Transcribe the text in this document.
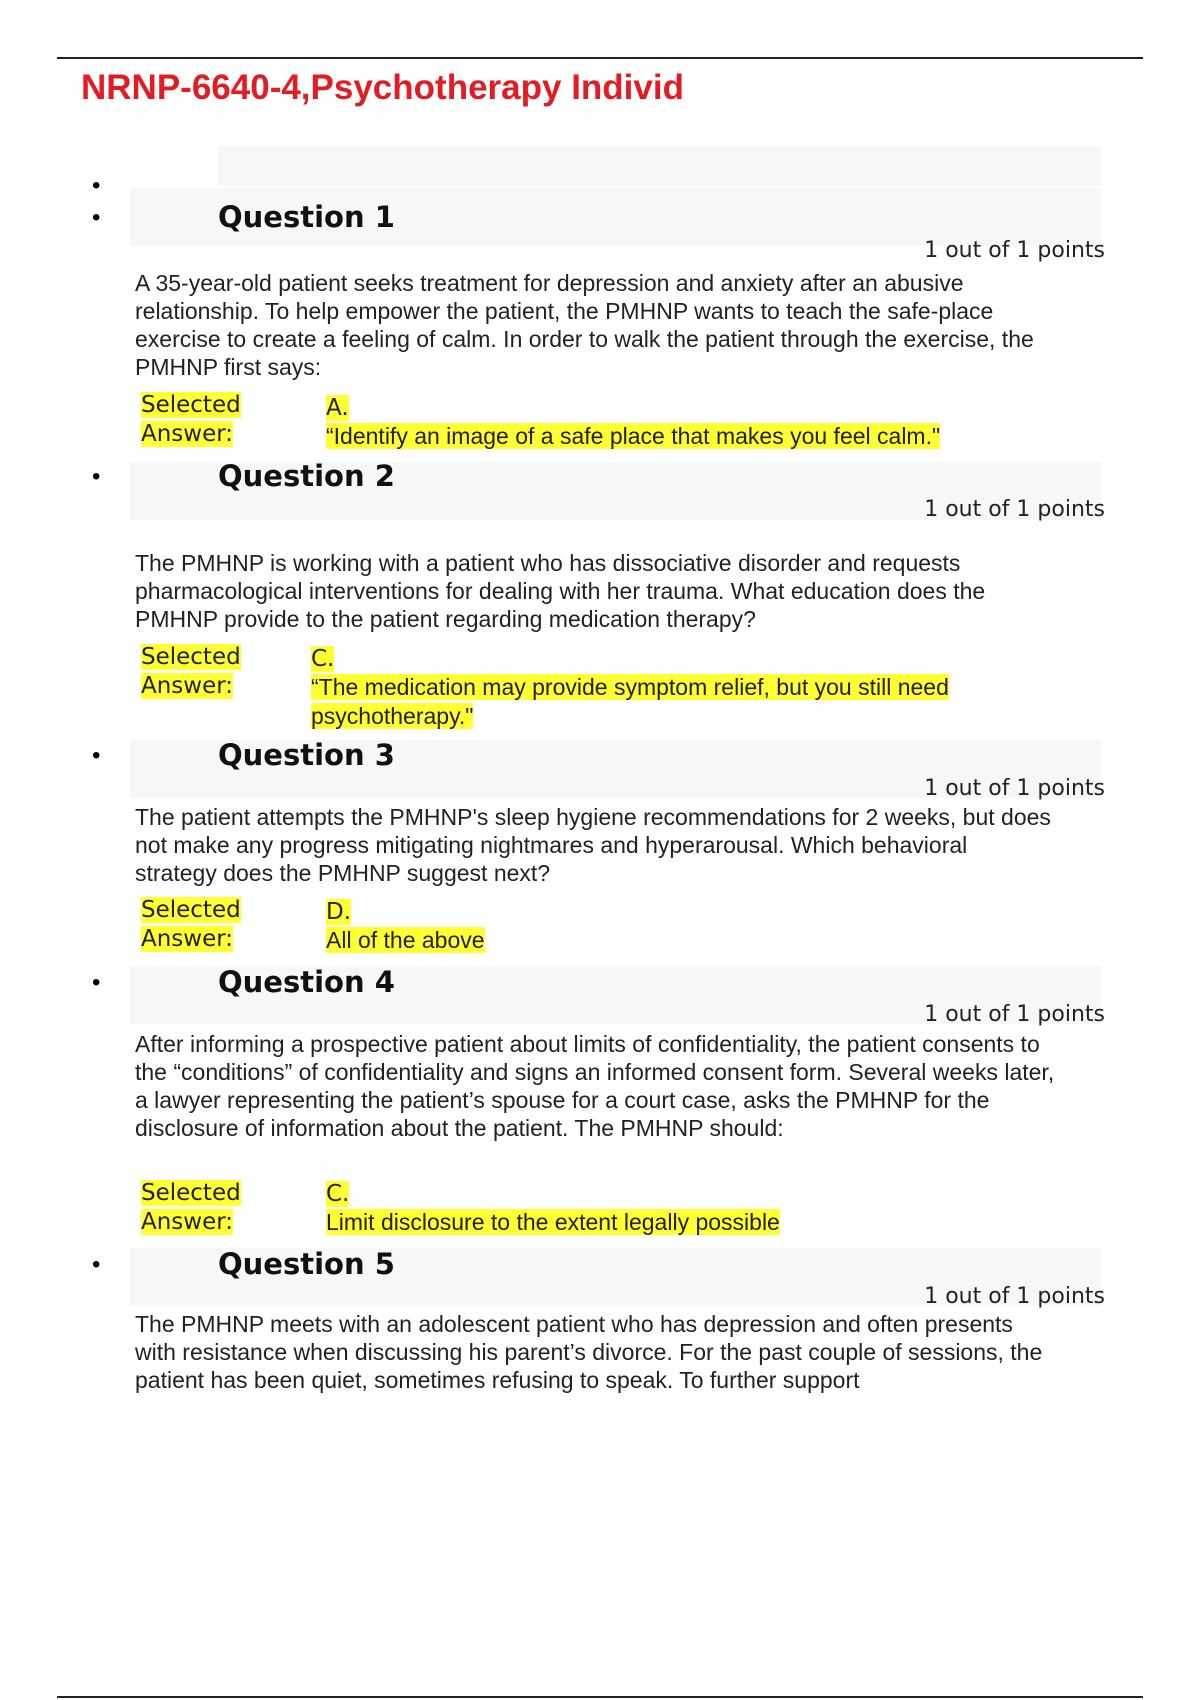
NRNP-6640-4,Psychotherapy Individ
•
•	Question 1
1 out of 1 points

A 35-year-old patient seeks treatment for depression and anxiety after an abusive relationship. To help empower the patient, the PMHNP wants to teach the safe-place exercise to create a feeling of calm. In order to walk the patient through the exercise, the PMHNP first says:

Selected
Answer:
A.
“Identify an image of a safe place that makes you feel calm."
•	Question 2
1 out of 1 points

The PMHNP is working with a patient who has dissociative disorder and requests pharmacological interventions for dealing with her trauma. What education does the PMHNP provide to the patient regarding medication therapy?

Selected
Answer:
C.
“The medication may provide symptom relief, but you still need
psychotherapy."
•	Question 3
1 out of 1 points

The patient attempts the PMHNP's sleep hygiene recommendations for 2 weeks, but does not make any progress mitigating nightmares and hyperarousal. Which behavioral strategy does the PMHNP suggest next?

Selected
Answer:
D.
All of the above
•	Question 4
1 out of 1 points

After informing a prospective patient about limits of confidentiality, the patient consents to the “conditions” of confidentiality and signs an informed consent form. Several weeks later, a lawyer representing the patient’s spouse for a court case, asks the PMHNP for the disclosure of information about the patient. The PMHNP should:

Selected
Answer:
C.
Limit disclosure to the extent legally possible
•	Question 5
1 out of 1 points

The PMHNP meets with an adolescent patient who has depression and often presents with resistance when discussing his parent’s divorce. For the past couple of sessions, the patient has been quiet, sometimes refusing to speak. To further support
